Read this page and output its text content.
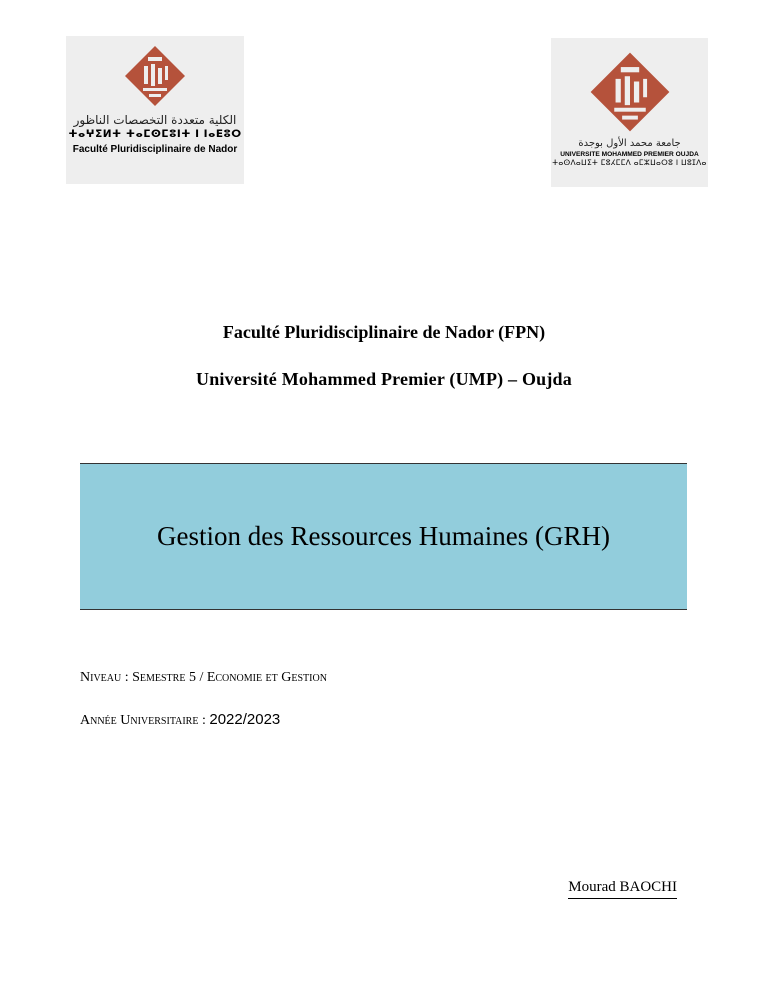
الكلية متعددة التخصصات الناظور
ⵜⴰⵖⵉⵍⵜ ⵜⴰⵎⵙⵎⵓⵏⵜ ⵏ ⵏⴰⴹⵓⵔ
Faculté Pluridisciplinaire de Nador
جامعة محمد الأول بوجدة
UNIVERSITE MOHAMMED PREMIER OUJDA
ⵜⴰⵙⴷⴰⵡⵉⵜ ⵎⵓⵃⵎⵎⴷ ⴰⵎⵣⵡⴰⵔⵓ ⵏ ⵡⵓⵊⴷⴰ
Faculté Pluridisciplinaire de Nador (FPN)
Université Mohammed Premier (UMP) – Oujda
Gestion des Ressources Humaines (GRH)
Niveau : Semestre 5 / Economie et Gestion
Année Universitaire : 2022/2023
Mourad BAOCHI
